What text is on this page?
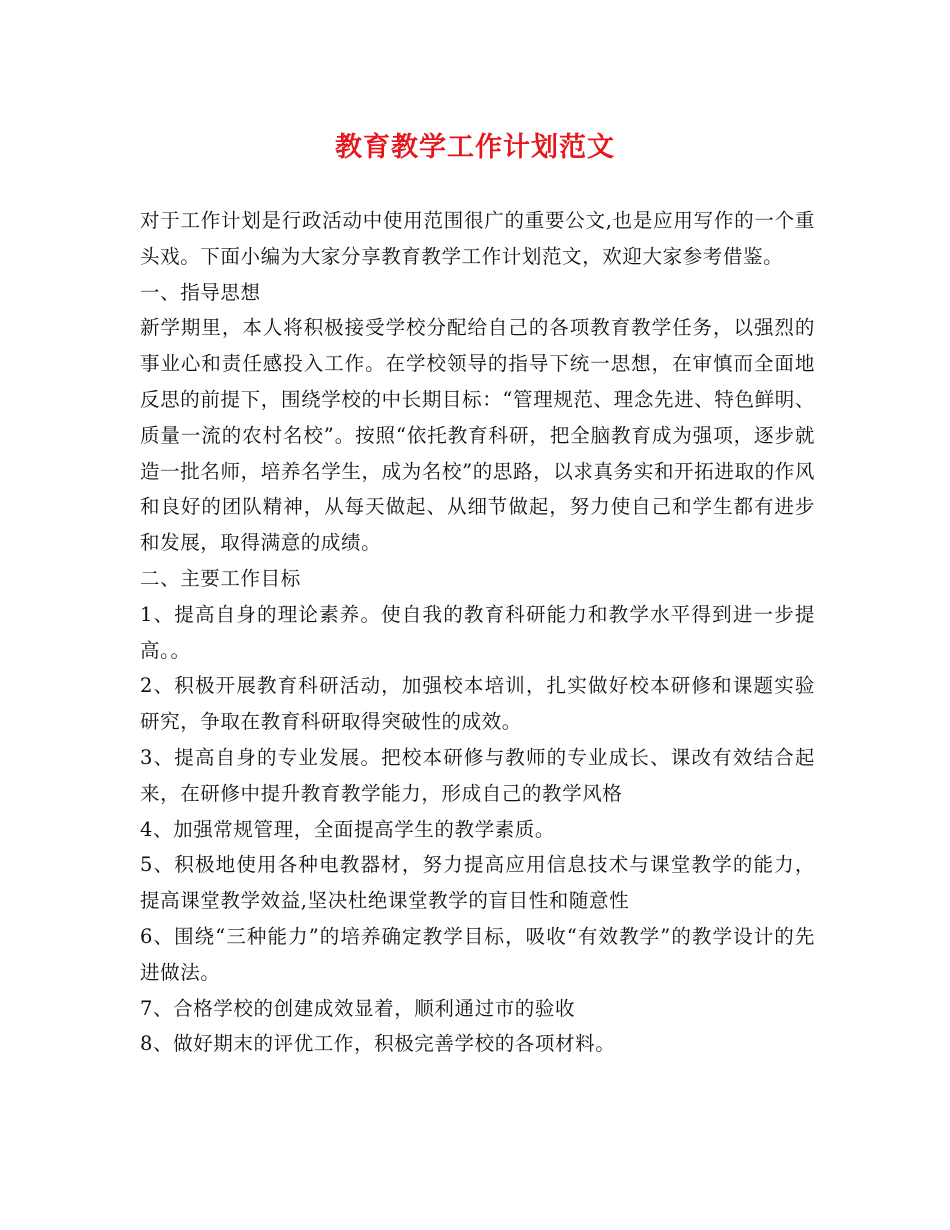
教育教学工作计划范文

对于工作计划是行政活动中使用范围很广的重要公文,也是应用写作的一个重头戏。下面小编为大家分享教育教学工作计划范文，欢迎大家参考借鉴。

一、指导思想

新学期里，本人将积极接受学校分配给自己的各项教育教学任务，以强烈的事业心和责任感投入工作。在学校领导的指导下统一思想，在审慎而全面地反思的前提下，围绕学校的中长期目标：“管理规范、理念先进、特色鲜明、质量一流的农村名校”。按照“依托教育科研，把全脑教育成为强项，逐步就造一批名师，培养名学生，成为名校”的思路，以求真务实和开拓进取的作风和良好的团队精神，从每天做起、从细节做起，努力使自己和学生都有进步和发展，取得满意的成绩。

二、主要工作目标

1、提高自身的理论素养。使自我的教育科研能力和教学水平得到进一步提高。。

2、积极开展教育科研活动，加强校本培训，扎实做好校本研修和课题实验研究，争取在教育科研取得突破性的成效。

3、提高自身的专业发展。把校本研修与教师的专业成长、课改有效结合起来，在研修中提升教育教学能力，形成自己的教学风格

4、加强常规管理，全面提高学生的教学素质。

5、积极地使用各种电教器材，努力提高应用信息技术与课堂教学的能力，提高课堂教学效益,坚决杜绝课堂教学的盲目性和随意性

6、围绕“三种能力”的培养确定教学目标，吸收“有效教学”的教学设计的先进做法。

7、合格学校的创建成效显着，顺利通过市的验收

8、做好期末的评优工作，积极完善学校的各项材料。
